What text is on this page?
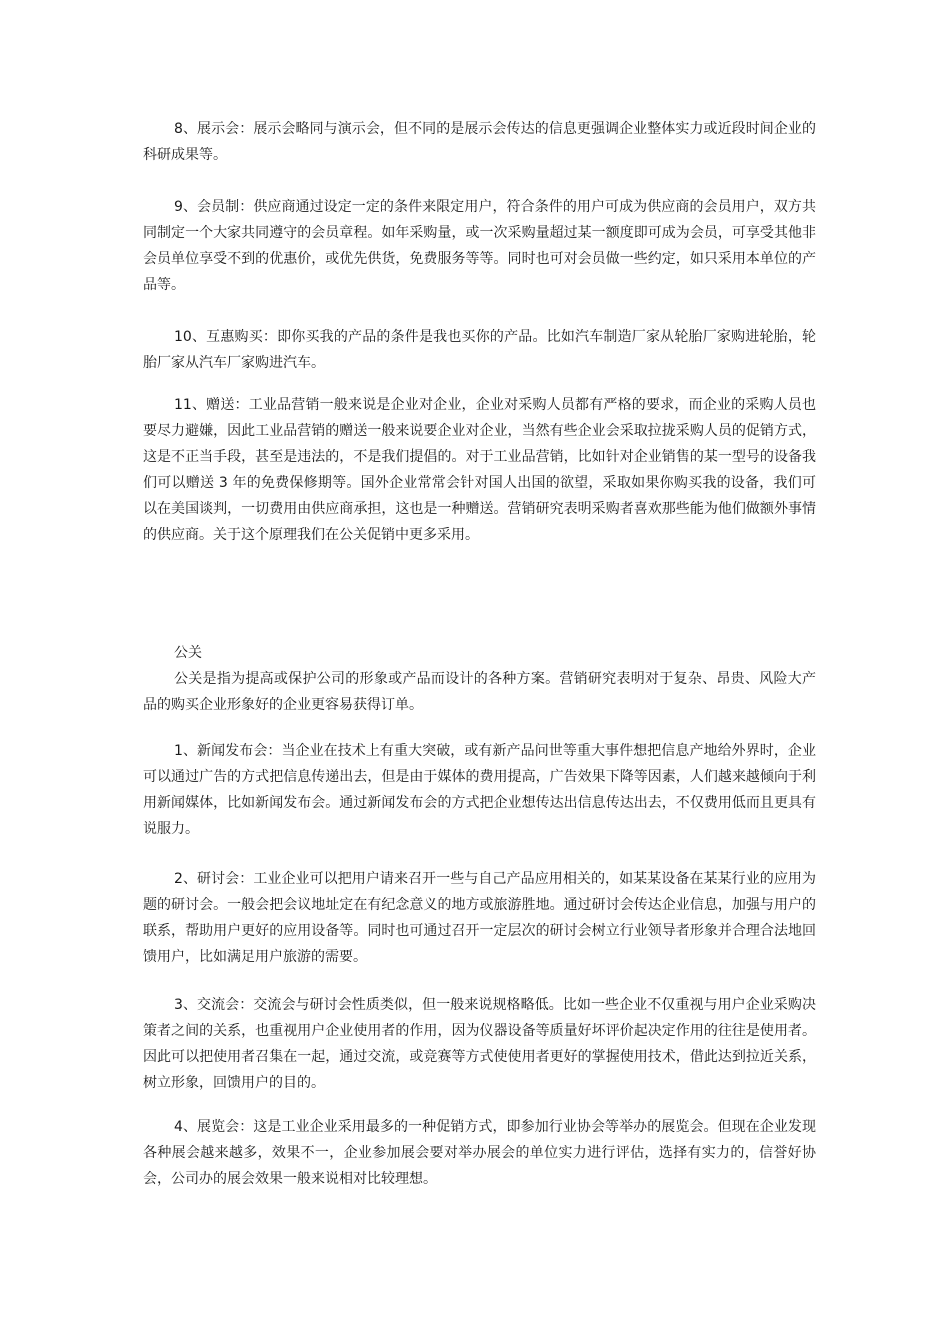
8、展示会：展示会略同与演示会，但不同的是展示会传达的信息更强调企业整体实力或近段时间企业的科研成果等。

9、会员制：供应商通过设定一定的条件来限定用户，符合条件的用户可成为供应商的会员用户，双方共同制定一个大家共同遵守的会员章程。如年采购量，或一次采购量超过某一额度即可成为会员，可享受其他非会员单位享受不到的优惠价，或优先供货，免费服务等等。同时也可对会员做一些约定，如只采用本单位的产品等。

10、互惠购买：即你买我的产品的条件是我也买你的产品。比如汽车制造厂家从轮胎厂家购进轮胎，轮胎厂家从汽车厂家购进汽车。

11、赠送：工业品营销一般来说是企业对企业，企业对采购人员都有严格的要求，而企业的采购人员也要尽力避嫌，因此工业品营销的赠送一般来说要企业对企业，当然有些企业会采取拉拢采购人员的促销方式，这是不正当手段，甚至是违法的，不是我们提倡的。对于工业品营销，比如针对企业销售的某一型号的设备我们可以赠送 3 年的免费保修期等。国外企业常常会针对国人出国的欲望，采取如果你购买我的设备，我们可以在美国谈判，一切费用由供应商承担，这也是一种赠送。营销研究表明采购者喜欢那些能为他们做额外事情的供应商。关于这个原理我们在公关促销中更多采用。

公关

公关是指为提高或保护公司的形象或产品而设计的各种方案。营销研究表明对于复杂、昂贵、风险大产品的购买企业形象好的企业更容易获得订单。

1、新闻发布会：当企业在技术上有重大突破，或有新产品问世等重大事件想把信息产地给外界时，企业可以通过广告的方式把信息传递出去，但是由于媒体的费用提高，广告效果下降等因素，人们越来越倾向于利用新闻媒体，比如新闻发布会。通过新闻发布会的方式把企业想传达出信息传达出去，不仅费用低而且更具有说服力。

2、研讨会：工业企业可以把用户请来召开一些与自己产品应用相关的，如某某设备在某某行业的应用为题的研讨会。一般会把会议地址定在有纪念意义的地方或旅游胜地。通过研讨会传达企业信息，加强与用户的联系，帮助用户更好的应用设备等。同时也可通过召开一定层次的研讨会树立行业领导者形象并合理合法地回馈用户，比如满足用户旅游的需要。

3、交流会：交流会与研讨会性质类似，但一般来说规格略低。比如一些企业不仅重视与用户企业采购决策者之间的关系，也重视用户企业使用者的作用，因为仪器设备等质量好坏评价起决定作用的往往是使用者。因此可以把使用者召集在一起，通过交流，或竞赛等方式使使用者更好的掌握使用技术，借此达到拉近关系，树立形象，回馈用户的目的。

4、展览会：这是工业企业采用最多的一种促销方式，即参加行业协会等举办的展览会。但现在企业发现各种展会越来越多，效果不一，企业参加展会要对举办展会的单位实力进行评估，选择有实力的，信誉好协会，公司办的展会效果一般来说相对比较理想。
